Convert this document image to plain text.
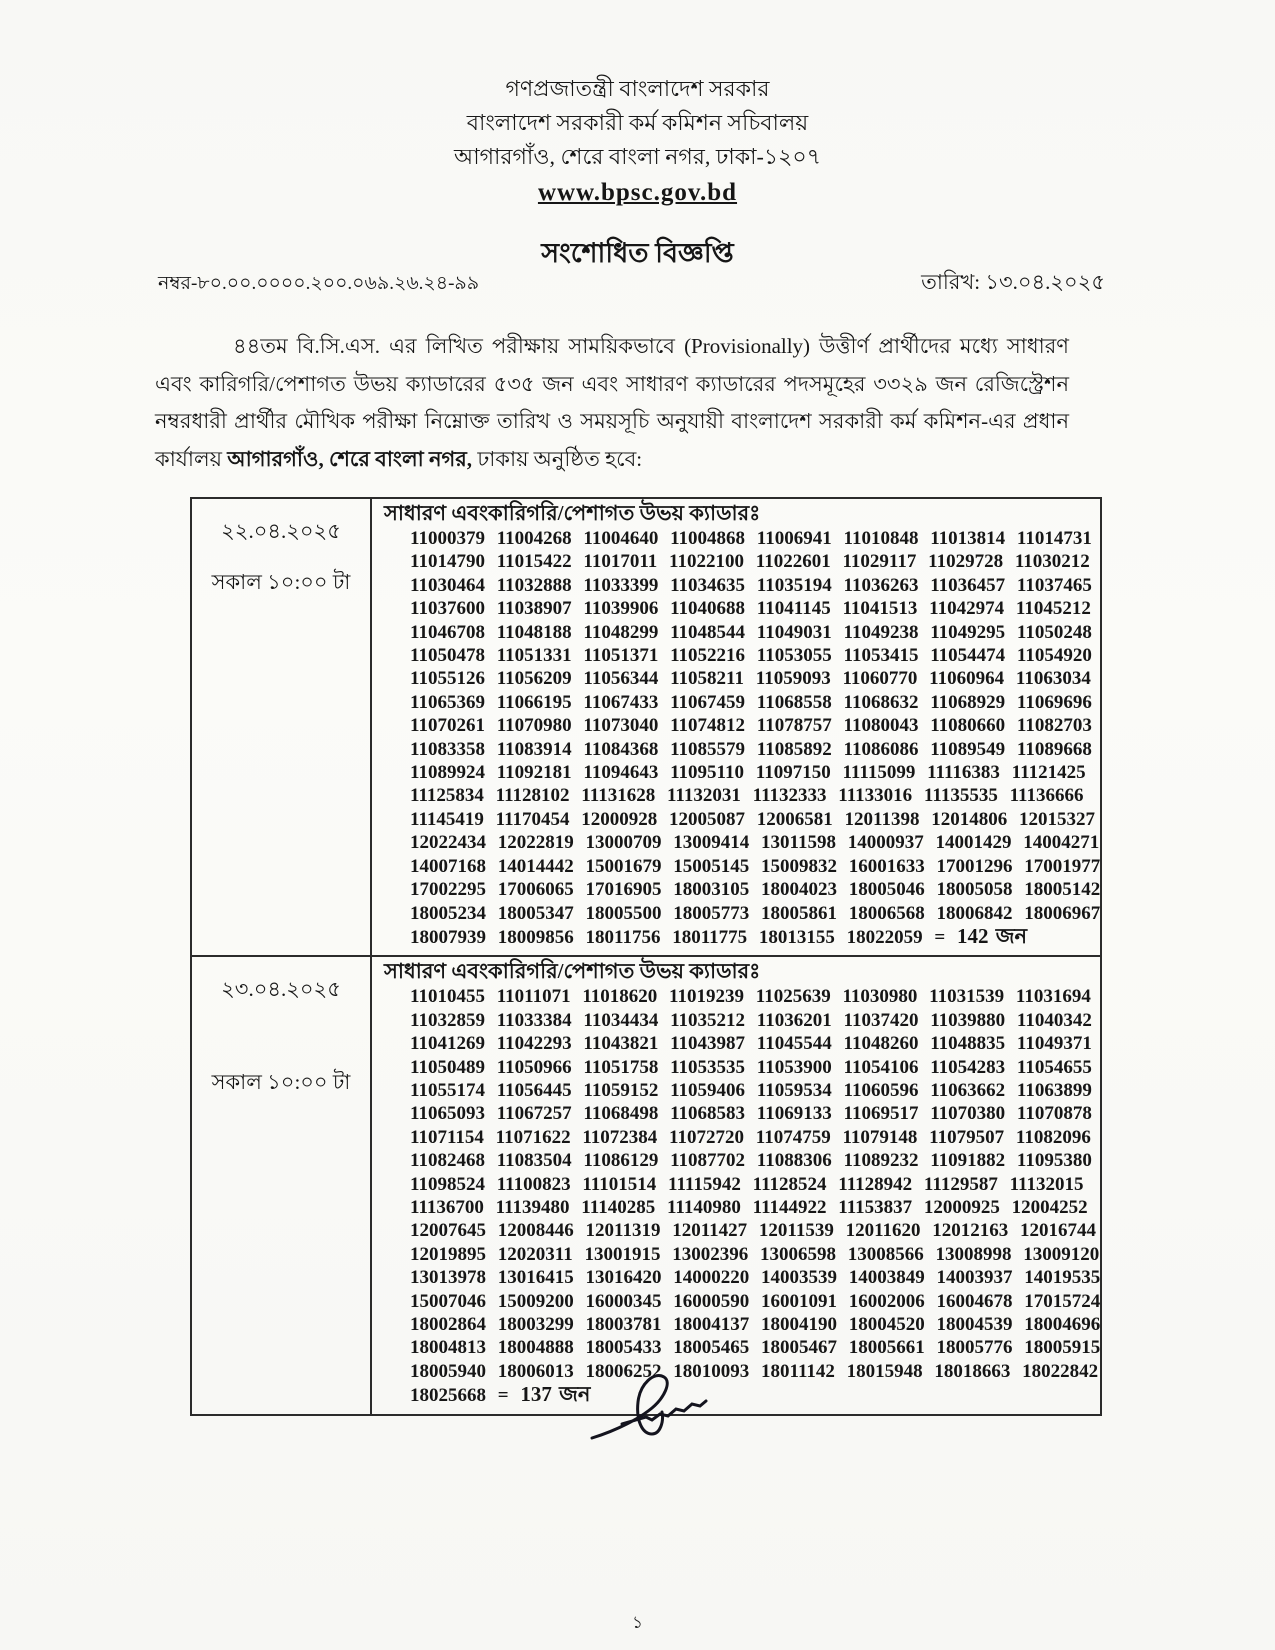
গণপ্রজাতন্ত্রী বাংলাদেশ সরকার
বাংলাদেশ সরকারী কর্ম কমিশন সচিবালয়
আগারগাঁও, শেরে বাংলা নগর, ঢাকা-১২০৭
www.bpsc.gov.bd
সংশোধিত বিজ্ঞপ্তি
নম্বর-৮০.০০.০০০০.২০০.০৬৯.২৬.২৪-৯৯	তারিখ: ১৩.০৪.২০২৫

৪৪তম বি.সি.এস. এর লিখিত পরীক্ষায় সাময়িকভাবে (Provisionally) উত্তীর্ণ প্রার্থীদের মধ্যে সাধারণ এবং কারিগরি/পেশাগত উভয় ক্যাডারের ৫৩৫ জন এবং সাধারণ ক্যাডারের পদসমূহের ৩৩২৯ জন রেজিস্ট্রেশন নম্বরধারী প্রার্থীর মৌখিক পরীক্ষা নিম্নোক্ত তারিখ ও সময়সূচি অনুযায়ী বাংলাদেশ সরকারী কর্ম কমিশন-এর প্রধান কার্যালয় আগারগাঁও, শেরে বাংলা নগর, ঢাকায় অনুষ্ঠিত হবে:

২২.০৪.২০২৫
সকাল ১০:০০ টা

সাধারণ এবংকারিগরি/পেশাগত উভয় ক্যাডারঃ
11000379 11004268 11004640 11004868 11006941 11010848 11013814 11014731
11014790 11015422 11017011 11022100 11022601 11029117 11029728 11030212
11030464 11032888 11033399 11034635 11035194 11036263 11036457 11037465
11037600 11038907 11039906 11040688 11041145 11041513 11042974 11045212
11046708 11048188 11048299 11048544 11049031 11049238 11049295 11050248
11050478 11051331 11051371 11052216 11053055 11053415 11054474 11054920
11055126 11056209 11056344 11058211 11059093 11060770 11060964 11063034
11065369 11066195 11067433 11067459 11068558 11068632 11068929 11069696
11070261 11070980 11073040 11074812 11078757 11080043 11080660 11082703
11083358 11083914 11084368 11085579 11085892 11086086 11089549 11089668
11089924 11092181 11094643 11095110 11097150 11115099 11116383 11121425
11125834 11128102 11131628 11132031 11132333 11133016 11135535 11136666
11145419 11170454 12000928 12005087 12006581 12011398 12014806 12015327
12022434 12022819 13000709 13009414 13011598 14000937 14001429 14004271
14007168 14014442 15001679 15005145 15009832 16001633 17001296 17001977
17002295 17006065 17016905 18003105 18004023 18005046 18005058 18005142
18005234 18005347 18005500 18005773 18005861 18006568 18006842 18006967
18007939 18009856 18011756 18011775 18013155 18022059 = 142 জন

২৩.০৪.২০২৫
সকাল ১০:০০ টা

সাধারণ এবংকারিগরি/পেশাগত উভয় ক্যাডারঃ
11010455 11011071 11018620 11019239 11025639 11030980 11031539 11031694
11032859 11033384 11034434 11035212 11036201 11037420 11039880 11040342
11041269 11042293 11043821 11043987 11045544 11048260 11048835 11049371
11050489 11050966 11051758 11053535 11053900 11054106 11054283 11054655
11055174 11056445 11059152 11059406 11059534 11060596 11063662 11063899
11065093 11067257 11068498 11068583 11069133 11069517 11070380 11070878
11071154 11071622 11072384 11072720 11074759 11079148 11079507 11082096
11082468 11083504 11086129 11087702 11088306 11089232 11091882 11095380
11098524 11100823 11101514 11115942 11128524 11128942 11129587 11132015
11136700 11139480 11140285 11140980 11144922 11153837 12000925 12004252
12007645 12008446 12011319 12011427 12011539 12011620 12012163 12016744
12019895 12020311 13001915 13002396 13006598 13008566 13008998 13009120
13013978 13016415 13016420 14000220 14003539 14003849 14003937 14019535
15007046 15009200 16000345 16000590 16001091 16002006 16004678 17015724
18002864 18003299 18003781 18004137 18004190 18004520 18004539 18004696
18004813 18004888 18005433 18005465 18005467 18005661 18005776 18005915
18005940 18006013 18006252 18010093 18011142 18015948 18018663 18022842
18025668 = 137 জন
১
